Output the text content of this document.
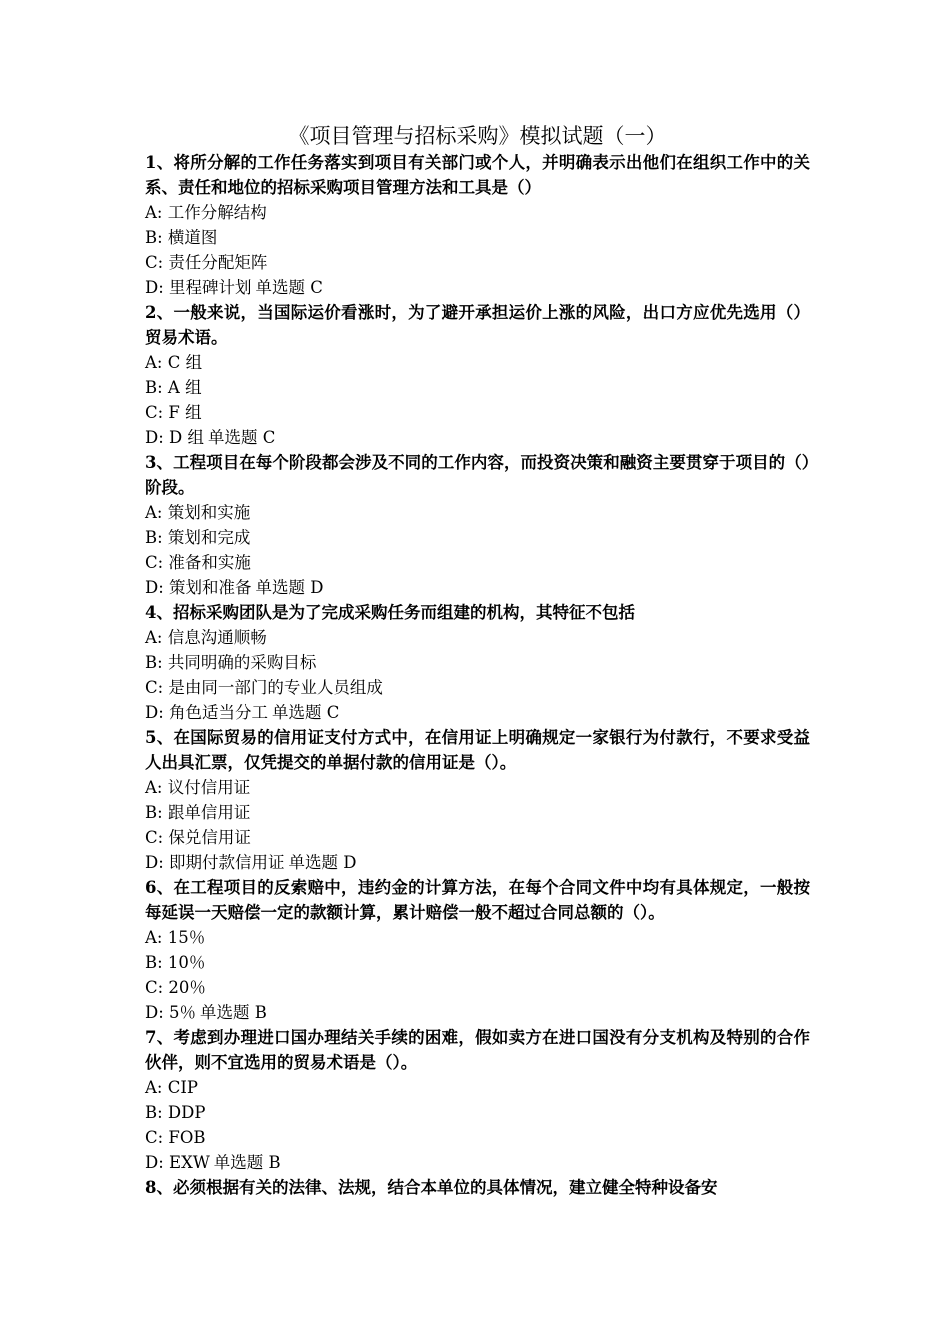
《项目管理与招标采购》模拟试题（一）

1、将所分解的工作任务落实到项目有关部门或个人，并明确表示出他们在组织工作中的关系、责任和地位的招标采购项目管理方法和工具是（）

A: 工作分解结构

B: 横道图

C: 责任分配矩阵

D: 里程碑计划 单选题 C

2、一般来说，当国际运价看涨时，为了避开承担运价上涨的风险，出口方应优先选用（）贸易术语。

A: C 组

B: A 组

C: F 组

D: D 组 单选题 C

3、工程项目在每个阶段都会涉及不同的工作内容，而投资决策和融资主要贯穿于项目的（）阶段。

A: 策划和实施

B: 策划和完成

C: 准备和实施

D: 策划和准备 单选题 D

4、招标采购团队是为了完成采购任务而组建的机构，其特征不包括

A: 信息沟通顺畅

B: 共同明确的采购目标

C: 是由同一部门的专业人员组成

D: 角色适当分工 单选题 C

5、在国际贸易的信用证支付方式中，在信用证上明确规定一家银行为付款行，不要求受益人出具汇票，仅凭提交的单据付款的信用证是（）。

A: 议付信用证

B: 跟单信用证

C: 保兑信用证

D: 即期付款信用证 单选题 D

6、在工程项目的反索赔中，违约金的计算方法，在每个合同文件中均有具体规定，一般按每延误一天赔偿一定的款额计算，累计赔偿一般不超过合同总额的（）。

A: 15％

B: 10％

C: 20％

D: 5％ 单选题 B

7、考虑到办理进口国办理结关手续的困难，假如卖方在进口国没有分支机构及特别的合作伙伴，则不宜选用的贸易术语是（）。

A: CIP

B: DDP

C: FOB

D: EXW 单选题 B

8、必须根据有关的法律、法规，结合本单位的具体情况，建立健全特种设备安
